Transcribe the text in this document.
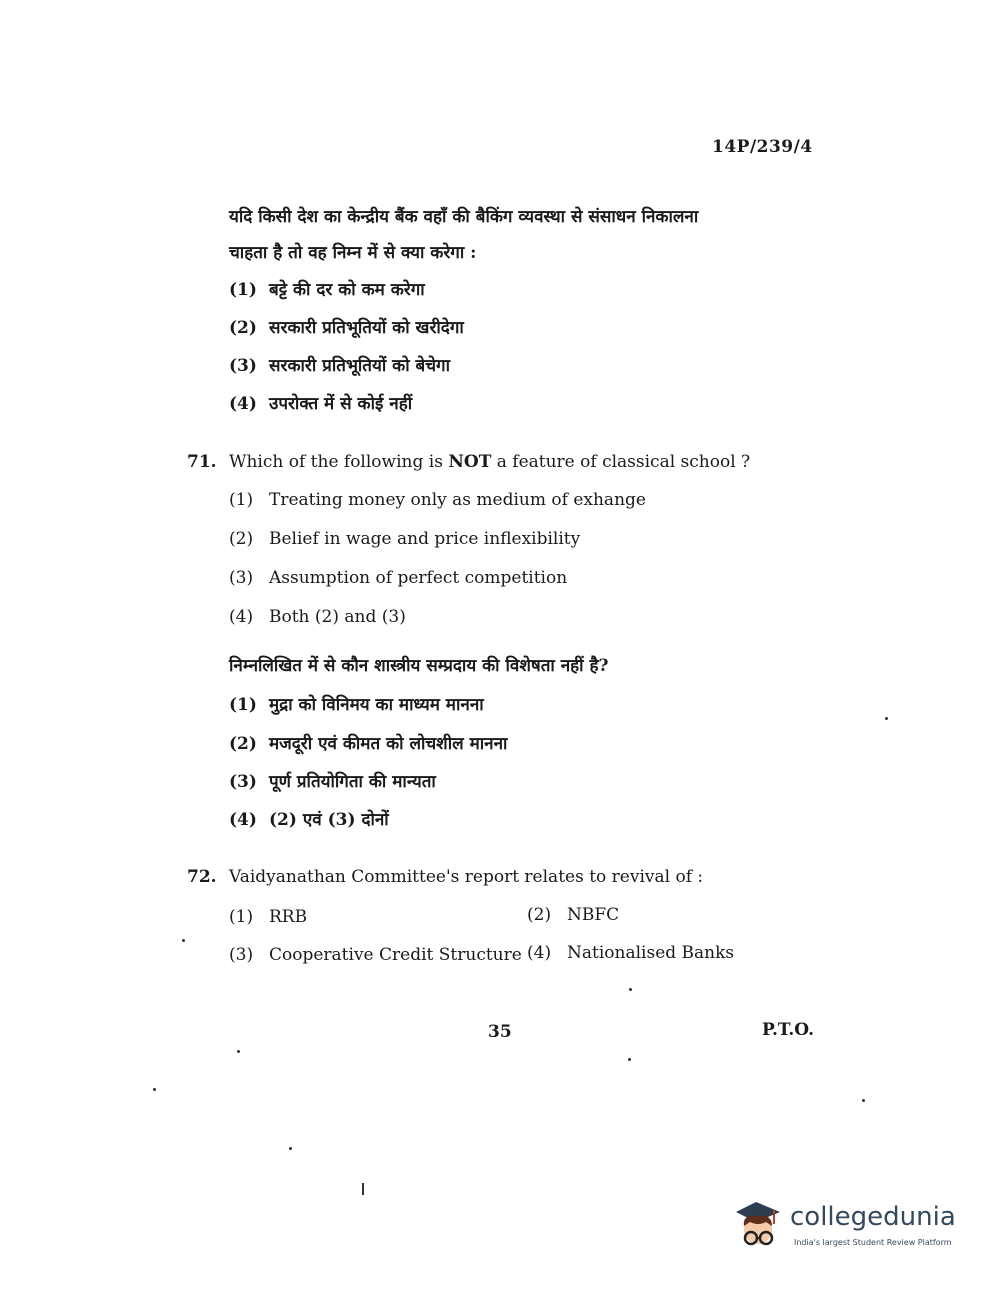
14P/239/4
यदि किसी देश का केन्द्रीय बैंक वहाँ की बैकिंग व्यवस्था से संसाधन निकालना
चाहता है तो वह निम्न में से क्या करेगा :
(1) बट्टे की दर को कम करेगा
(2) सरकारी प्रतिभूतियों को खरीदेगा
(3) सरकारी प्रतिभूतियों को बेचेगा
(4) उपरोक्त में से कोई नहीं
71. Which of the following is NOT a feature of classical school ?
(1) Treating money only as medium of exhange
(2) Belief in wage and price inflexibility
(3) Assumption of perfect competition
(4) Both (2) and (3)
निम्नलिखित में से कौन शास्त्रीय सम्प्रदाय की विशेषता नहीं है?
(1) मुद्रा को विनिमय का माध्यम मानना
(2) मजदूरी एवं कीमत को लोचशील मानना
(3) पूर्ण प्रतियोगिता की मान्यता
(4) (2) एवं (3) दोनों
72. Vaidyanathan Committee's report relates to revival of :
(1) RRB	(2) NBFC
(3) Cooperative Credit Structure (4) Nationalised Banks
35	P.T.O.
collegedunia
India's largest Student Review Platform
